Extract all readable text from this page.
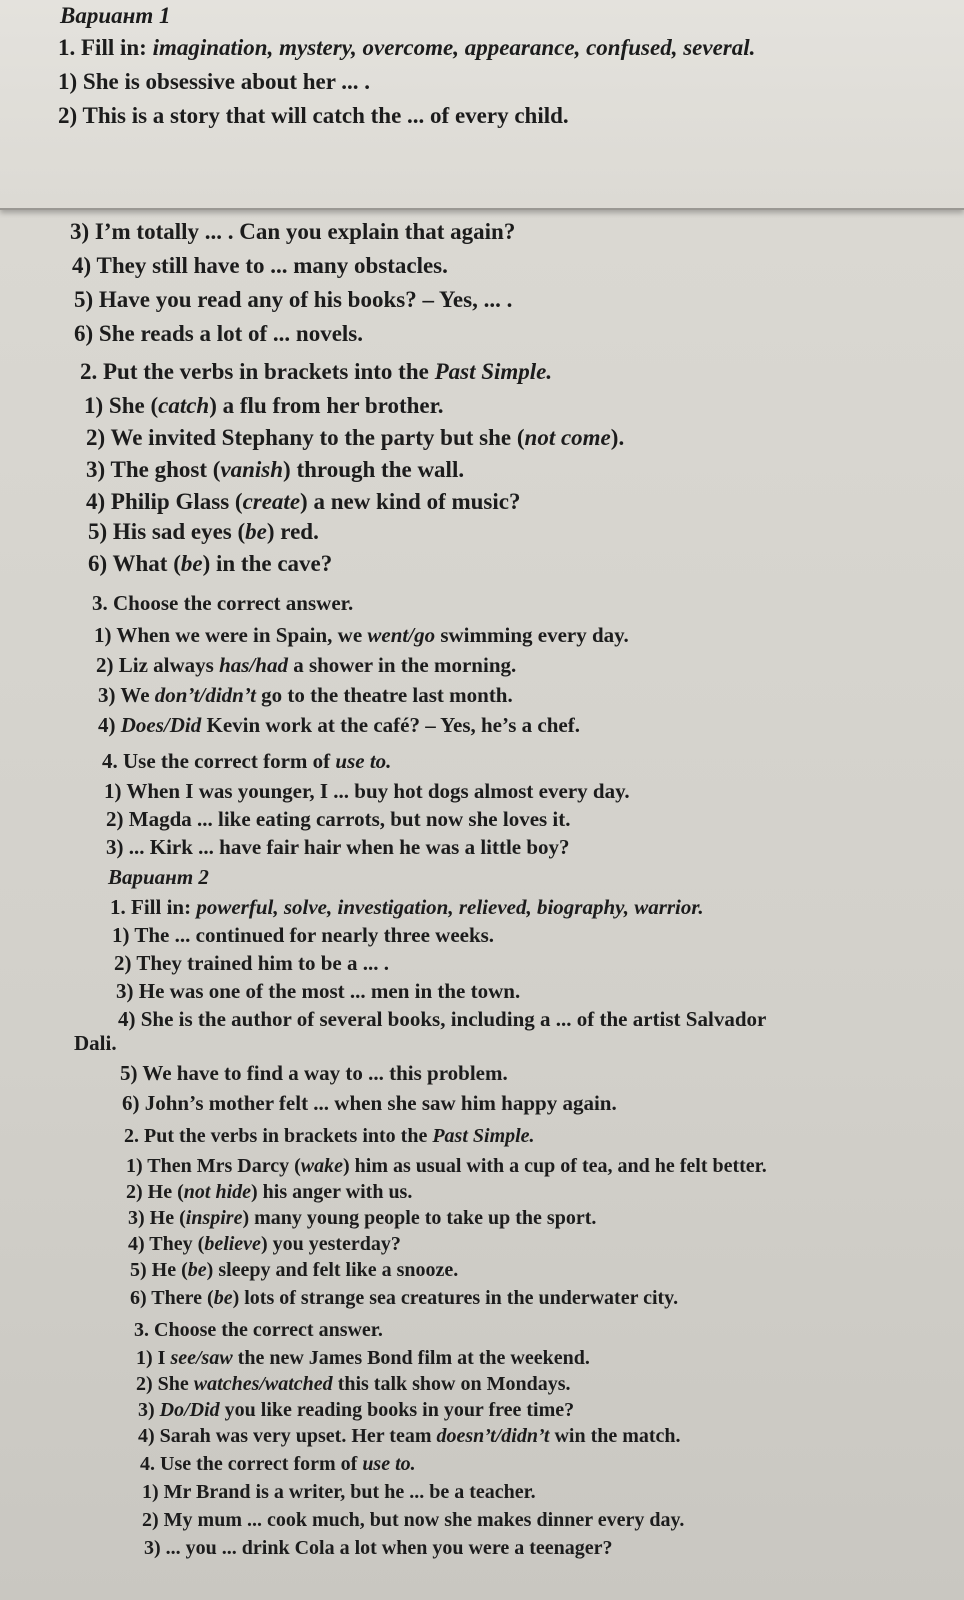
Вариант 1
1. Fill in: imagination, mystery, overcome, appearance, confused, several.
1) She is obsessive about her ... .
2) This is a story that will catch the ... of every child.
3) I’m totally ... . Can you explain that again?
4) They still have to ... many obstacles.
5) Have you read any of his books? – Yes, ... .
6) She reads a lot of ... novels.
2. Put the verbs in brackets into the Past Simple.
1) She (catch) a flu from her brother.
2) We invited Stephany to the party but she (not come).
3) The ghost (vanish) through the wall.
4) Philip Glass (create) a new kind of music?
5) His sad eyes (be) red.
6) What (be) in the cave?
3. Choose the correct answer.
1) When we were in Spain, we went/go swimming every day.
2) Liz always has/had a shower in the morning.
3) We don’t/didn’t go to the theatre last month.
4) Does/Did Kevin work at the café? – Yes, he’s a chef.
4. Use the correct form of use to.
1) When I was younger, I ... buy hot dogs almost every day.
2) Magda ... like eating carrots, but now she loves it.
3) ... Kirk ... have fair hair when he was a little boy?
Вариант 2
1. Fill in: powerful, solve, investigation, relieved, biography, warrior.
1) The ... continued for nearly three weeks.
2) They trained him to be a ... .
3) He was one of the most ... men in the town.
4) She is the author of several books, including a ... of the artist Salvador
Dali.
5) We have to find a way to ... this problem.
6) John’s mother felt ... when she saw him happy again.
2. Put the verbs in brackets into the Past Simple.
1) Then Mrs Darcy (wake) him as usual with a cup of tea, and he felt better.
2) He (not hide) his anger with us.
3) He (inspire) many young people to take up the sport.
4) They (believe) you yesterday?
5) He (be) sleepy and felt like a snooze.
6) There (be) lots of strange sea creatures in the underwater city.
3. Choose the correct answer.
1) I see/saw the new James Bond film at the weekend.
2) She watches/watched this talk show on Mondays.
3) Do/Did you like reading books in your free time?
4) Sarah was very upset. Her team doesn’t/didn’t win the match.
4. Use the correct form of use to.
1) Mr Brand is a writer, but he ... be a teacher.
2) My mum ... cook much, but now she makes dinner every day.
3) ... you ... drink Cola a lot when you were a teenager?
